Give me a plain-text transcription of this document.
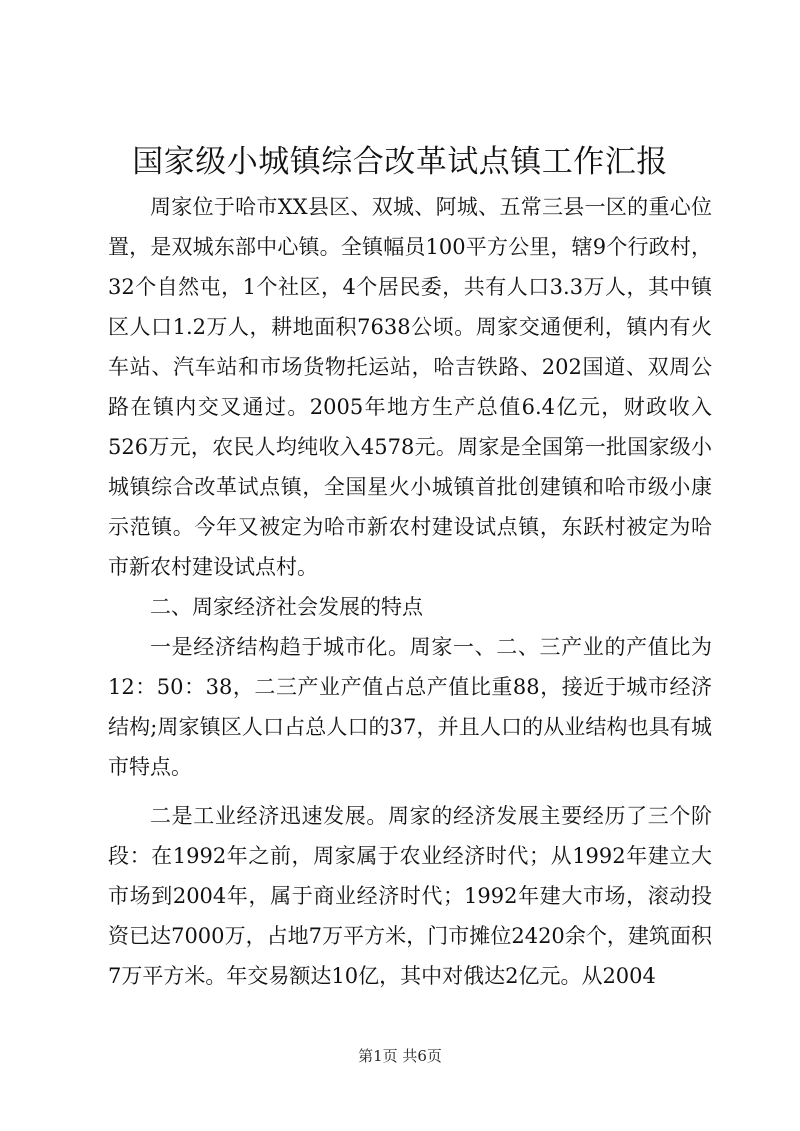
国家级小城镇综合改革试点镇工作汇报

周家位于哈市XX县区、双城、阿城、五常三县一区的重心位置，是双城东部中心镇。全镇幅员100平方公里，辖9个行政村，32个自然屯，1个社区，4个居民委，共有人口3.3万人，其中镇区人口1.2万人，耕地面积7638公顷。周家交通便利，镇内有火车站、汽车站和市场货物托运站，哈吉铁路、202国道、双周公路在镇内交叉通过。2005年地方生产总值6.4亿元，财政收入526万元，农民人均纯收入4578元。周家是全国第一批国家级小城镇综合改革试点镇，全国星火小城镇首批创建镇和哈市级小康示范镇。今年又被定为哈市新农村建设试点镇，东跃村被定为哈市新农村建设试点村。

二、周家经济社会发展的特点

一是经济结构趋于城市化。周家一、二、三产业的产值比为12：50：38，二三产业产值占总产值比重88，接近于城市经济结构;周家镇区人口占总人口的37，并且人口的从业结构也具有城市特点。

二是工业经济迅速发展。周家的经济发展主要经历了三个阶段：在1992年之前，周家属于农业经济时代；从1992年建立大市场到2004年，属于商业经济时代；1992年建大市场，滚动投资已达7000万，占地7万平方米，门市摊位2420余个，建筑面积7万平方米。年交易额达10亿，其中对俄达2亿元。从2004

第1页 共6页
